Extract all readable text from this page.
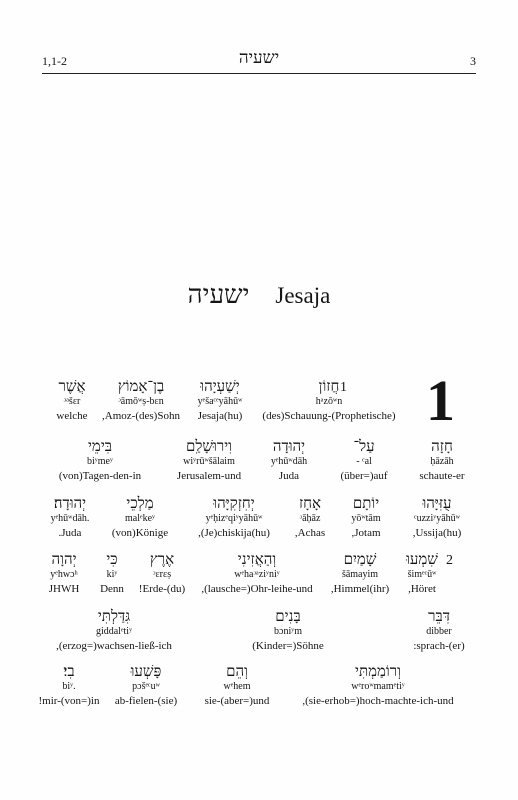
1,1-2	ישעיה	3
ישעיה Jesaja
1
1
חֲזוֹן
hᵃzōʷn
(des)Schauung-(Prophetische)
יְשַׁעְיָהוּ
yᵉšaᶜᵉyāhūʷ
Jesaja(hu)
בֶן־אָמוֹץ
ᵓāmōʷṣ-bɛn
,Amoz-(des)Sohn
אֲשֶׁר
ᵓᵃšɛr
welche
חָזָה
ḥāzāh
schaute-er
עַל־
- ᶜal
(über=)auf
יְהוּדָה
yᵉhūʷdāh
Juda
וִירוּשָׁלִַם
wiʸrūʷšālaim
Jerusalem-und
בִּימֵי
biʸmeʸ
(von)Tagen-den-in
עֻזִּיָּהוּ
ᶜuzziʸyāhūʷ
,Ussija(hu)
יוֹתָם
yōʷtām
,Jotam
אָחָז
ᵓāḥāz
,Achas
יְחִזְקִיָּהוּ
yᵉḥizᵉqiʸyāhūʷ
,(Je)chiskija(hu)
מַלְכֵי
malᵉkeʸ
(von)Könige
יְהוּדָה׃
yᵉhūʷdāh.
.Juda
2
שִׁמְעוּ
šimᵉᶜūʷ
,Höret
שָׁמַיִם
šāmayim
,Himmel(ihr)
וְהַאֲזִינִי
wᵉhaᵓᵃziʸniʸ
,(lausche=)Ohr-leihe-und
אֶרֶץ
ᵓɛrɛṣ
!Erde-(du)
כִּי
kiʸ
Denn
יְהוָה
yᵉhwɔʰ
JHWH
דִּבֵּר
dibber
:sprach-(er)
בָּנִים
bɔniʸm
(Kinder=)Söhne
גִּדַּלְתִּי
giddalᵉtiʸ
,(erzog=)wachsen-ließ-ich
וְרוֹמַמְתִּי
wᵉroʷmamᵉtiʸ
,(sie-erhob=)hoch-machte-ich-und
וְהֵם
wᵉhem
sie-(aber=)und
פָּשְׁעוּ
pɔšᵉᶜuʷ
ab-fielen-(sie)
בִי׃
biʸ.
!mir-(von=)in
